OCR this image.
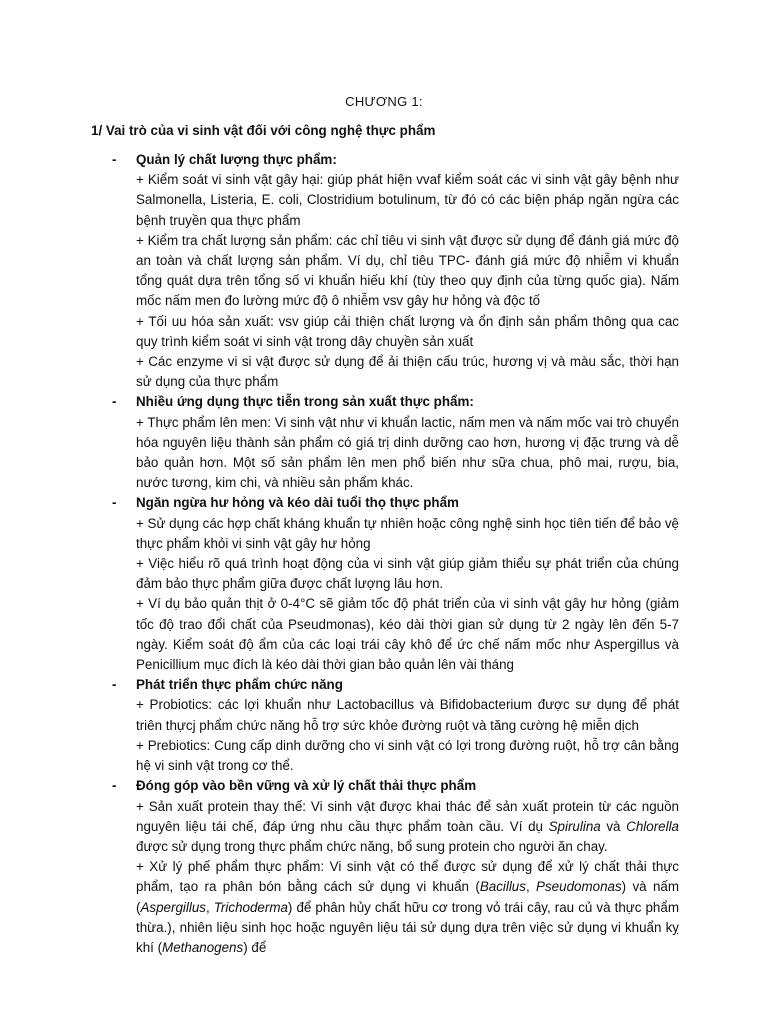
CHƯƠNG 1:
1/ Vai trò của vi sinh vật đối với công nghệ thực phẩm
-	Quản lý chất lượng thực phẩm:
+ Kiểm soát vi sinh vật gây hại: giúp phát hiện vvaf kiểm soát các vi sinh vật gây bệnh như Salmonella, Listeria, E. coli, Clostridium botulinum, từ đó có các biện pháp ngăn ngừa các bệnh truyền qua thực phẩm
+ Kiểm tra chất lượng sản phẩm: các chỉ tiêu vi sinh vật được sử dụng để đánh giá mức độ an toàn và chất lượng sản phẩm. Ví dụ, chỉ tiêu TPC- đánh giá mức độ nhiễm vi khuẩn tổng quát dựa trên tổng số vi khuẩn hiếu khí (tùy theo quy định của từng quốc gia). Nấm mốc nấm men đo lường mức độ ô nhiễm vsv gây hư hỏng và độc tố
+ Tối uu hóa sản xuất: vsv giúp cải thiện chất lượng và ổn định sản phẩm thông qua cac quy trình kiểm soát vi sinh vật trong dây chuyền sản xuất
+ Các enzyme vi si vật được sử dụng để ải thiện cấu trúc, hương vị và màu sắc, thời hạn sử dụng của thực phẩm
-	Nhiều ứng dụng thực tiễn trong sản xuất thực phẩm:
+ Thực phẩm lên men: Vi sinh vật như vi khuẩn lactic, nấm men và nấm mốc vai trò chuyển hóa nguyên liệu thành sản phẩm có giá trị dinh dưỡng cao hơn, hương vị đặc trưng và dễ bảo quản hơn. Một số sản phẩm lên men phổ biến như sữa chua, phô mai, rượu, bia, nước tương, kim chi, và nhiều sản phẩm khác.
-	Ngăn ngừa hư hỏng và kéo dài tuổi thọ thực phẩm
+ Sử dụng các hợp chất kháng khuẩn tự nhiên hoặc công nghệ sinh học tiên tiến để bảo vệ thực phẩm khỏi vi sinh vật gây hư hỏng
+ Việc hiểu rõ quá trình hoạt động của vi sinh vật giúp giảm thiểu sự phát triển của chúng đảm bảo thực phẩm giữa được chất lượng lâu hơn.
+ Ví dụ bảo quản thịt ở 0-4°C sẽ giảm tốc độ phát triển của vi sinh vật gây hư hỏng (giảm tốc độ trao đổi chất của Pseudmonas), kéo dài thời gian sử dụng từ 2 ngày lên đến 5-7 ngày. Kiểm soát độ ẩm của các loại trái cây khô để ức chế nấm mốc như Aspergillus và Penicillium mục đích là kéo dài thời gian bảo quản lên vài tháng
-	Phát triển thực phẩm chức năng
+ Probiotics: các lợi khuẩn như Lactobacillus và Bifidobacterium được sư dụng để phát triên thựcj phẩm chức năng hỗ trợ sức khỏe đường ruột và tăng cường hệ miễn dịch
+ Prebiotics: Cung cấp dinh dưỡng cho vi sinh vật có lợi trong đường ruột, hỗ trợ cân bằng hệ vi sinh vật trong cơ thể.
-	Đóng góp vào bền vững và xử lý chất thải thực phẩm
+ Sản xuất protein thay thế: Vi sinh vật được khai thác để sản xuất protein từ các nguồn nguyên liệu tái chế, đáp ứng nhu cầu thực phẩm toàn cầu. Ví dụ Spirulina và Chlorella được sử dụng trong thực phẩm chức năng, bổ sung protein cho người ăn chay.
+ Xử lý phế phẩm thực phẩm: Vi sinh vật có thể được sử dụng để xử lý chất thải thực phẩm, tạo ra phân bón bằng cách sử dụng vi khuẩn (Bacillus, Pseudomonas) và nấm (Aspergillus, Trichoderma) để phân hủy chất hữu cơ trong vỏ trái cây, rau củ và thực phẩm thừa.), nhiên liệu sinh học hoặc nguyên liệu tái sử dụng dựa trên việc sử dụng vi khuẩn kỵ khí (Methanogens) để
